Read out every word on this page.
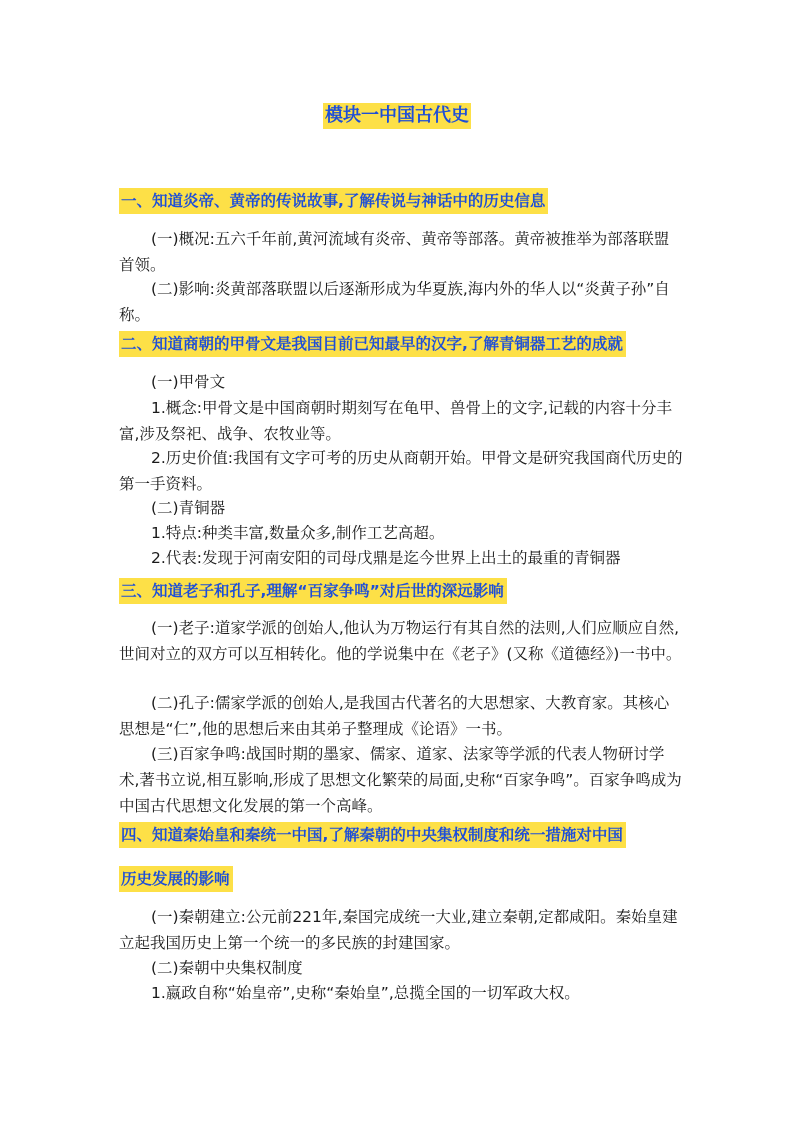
模块一中国古代史
一、知道炎帝、黄帝的传说故事,了解传说与神话中的历史信息

(一)概况:五六千年前,黄河流域有炎帝、黄帝等部落。黄帝被推举为部落联盟首领。

(二)影响:炎黄部落联盟以后逐渐形成为华夏族,海内外的华人以“炎黄子孙”自称。

二、知道商朝的甲骨文是我国目前已知最早的汉字,了解青铜器工艺的成就
(一)甲骨文

1.概念:甲骨文是中国商朝时期刻写在龟甲、兽骨上的文字,记载的内容十分丰富,涉及祭祀、战争、农牧业等。

2.历史价值:我国有文字可考的历史从商朝开始。甲骨文是研究我国商代历史的第一手资料。

(二)青铜器
1.特点:种类丰富,数量众多,制作工艺高超。
2.代表:发现于河南安阳的司母戊鼎是迄今世界上出土的最重的青铜器
三、知道老子和孔子,理解“百家争鸣”对后世的深远影响

(一)老子:道家学派的创始人,他认为万物运行有其自然的法则,人们应顺应自然,世间对立的双方可以互相转化。他的学说集中在《老子》(又称《道德经》)一书中。

(二)孔子:儒家学派的创始人,是我国古代著名的大思想家、大教育家。其核心思想是“仁”,他的思想后来由其弟子整理成《论语》一书。

(三)百家争鸣:战国时期的墨家、儒家、道家、法家等学派的代表人物研讨学术,著书立说,相互影响,形成了思想文化繁荣的局面,史称“百家争鸣”。百家争鸣成为中国古代思想文化发展的第一个高峰。

四、知道秦始皇和秦统一中国,了解秦朝的中央集权制度和统一措施对中国
历史发展的影响

(一)秦朝建立:公元前221年,秦国完成统一大业,建立秦朝,定都咸阳。秦始皇建立起我国历史上第一个统一的多民族的封建国家。

(二)秦朝中央集权制度
1.嬴政自称“始皇帝”,史称“秦始皇”,总揽全国的一切军政大权。
